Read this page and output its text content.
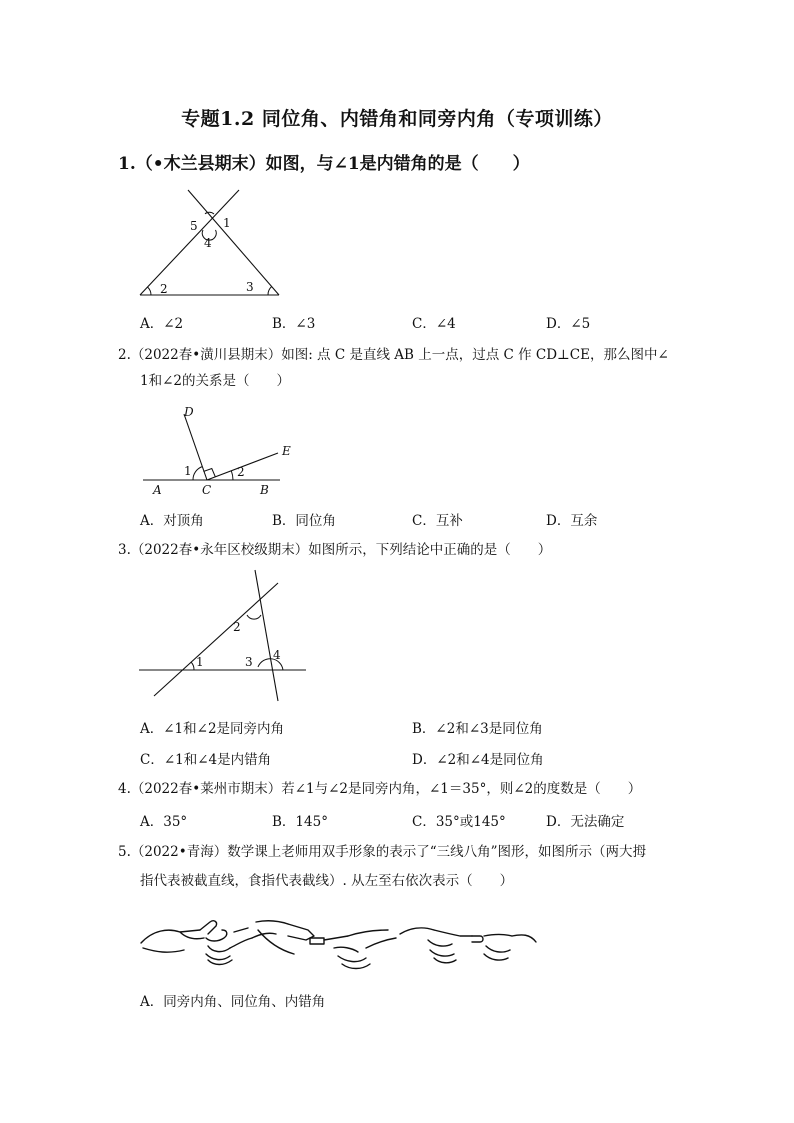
专题1.2 同位角、内错角和同旁内角（专项训练）
1.（•木兰县期末）如图，与∠1是内错角的是（　　）
1
5
4
2	3
A．∠2	B．∠3	C．∠4	D．∠5
2.（2022春•潢川县期末）如图: 点 C 是直线 AB 上一点，过点 C 作 CD⊥CE，那么图中∠
1和∠2的关系是（　　）
D
E
1	2
A	C	B
A．对顶角	B．同位角	C．互补	D．互余
3.（2022春•永年区校级期末）如图所示，下列结论中正确的是（　　）
2
1	3 4
A．∠1和∠2是同旁内角	B．∠2和∠3是同位角
C．∠1和∠4是内错角	D．∠2和∠4是同位角
4.（2022春•莱州市期末）若∠1与∠2是同旁内角，∠1＝35°，则∠2的度数是（　　）
A．35°	B．145°	C．35°或145°	D．无法确定
5.（2022•青海）数学课上老师用双手形象的表示了“三线八角”图形，如图所示（两大拇
指代表被截直线，食指代表截线）. 从左至右依次表示（　　）
A．同旁内角、同位角、内错角
